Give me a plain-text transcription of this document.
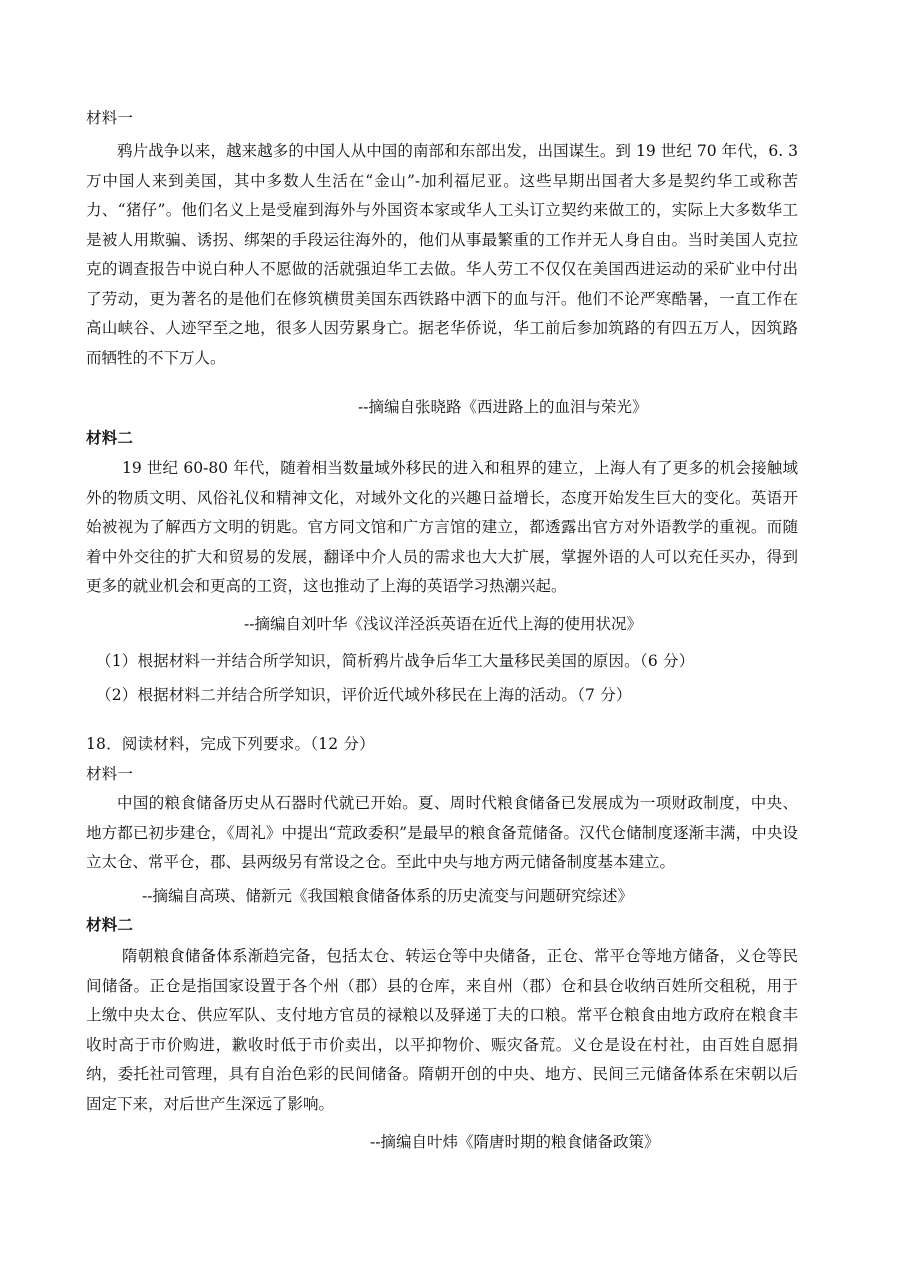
材料一

鸦片战争以来，越来越多的中国人从中国的南部和东部出发，出国谋生。到 19 世纪 70 年代，6. 3 万中国人来到美国，其中多数人生活在“金山”-加利福尼亚。这些早期出国者大多是契约华工或称苦力、“猪仔”。他们名义上是受雇到海外与外国资本家或华人工头订立契约来做工的，实际上大多数华工是被人用欺骗、诱拐、绑架的手段运往海外的，他们从事最繁重的工作并无人身自由。当时美国人克拉克的调查报告中说白种人不愿做的活就强迫华工去做。华人劳工不仅仅在美国西进运动的采矿业中付出了劳动，更为著名的是他们在修筑横贯美国东西铁路中洒下的血与汗。他们不论严寒酷暑，一直工作在高山峡谷、人迹罕至之地，很多人因劳累身亡。据老华侨说，华工前后参加筑路的有四五万人，因筑路而牺牲的不下万人。

--摘编自张晓路《西进路上的血泪与荣光》
材料二

19 世纪 60-80 年代，随着相当数量域外移民的进入和租界的建立，上海人有了更多的机会接触域外的物质文明、风俗礼仪和精神文化，对域外文化的兴趣日益增长，态度开始发生巨大的变化。英语开始被视为了解西方文明的钥匙。官方同文馆和广方言馆的建立，都透露出官方对外语教学的重视。而随着中外交往的扩大和贸易的发展，翻译中介人员的需求也大大扩展，掌握外语的人可以充任买办，得到更多的就业机会和更高的工资，这也推动了上海的英语学习热潮兴起。

--摘编自刘叶华《浅议洋泾浜英语在近代上海的使用状况》
（1）根据材料一并结合所学知识，简析鸦片战争后华工大量移民美国的原因。（6 分）
（2）根据材料二并结合所学知识，评价近代域外移民在上海的活动。（7 分）
18．阅读材料，完成下列要求。（12 分）
材料一

中国的粮食储备历史从石器时代就已开始。夏、周时代粮食储备已发展成为一项财政制度，中央、地方都已初步建仓，《周礼》中提出“荒政委积”是最早的粮食备荒储备。汉代仓储制度逐渐丰满，中央设立太仓、常平仓，郡、县两级另有常设之仓。至此中央与地方两元储备制度基本建立。

--摘编自高瑛、储新元《我国粮食储备体系的历史流变与问题研究综述》
材料二

隋朝粮食储备体系渐趋完备，包括太仓、转运仓等中央储备，正仓、常平仓等地方储备，义仓等民间储备。正仓是指国家设置于各个州（郡）县的仓库，来自州（郡）仓和县仓收纳百姓所交租税，用于上缴中央太仓、供应军队、支付地方官员的禄粮以及驿递丁夫的口粮。常平仓粮食由地方政府在粮食丰收时高于市价购进，歉收时低于市价卖出，以平抑物价、赈灾备荒。义仓是设在村社，由百姓自愿捐纳，委托社司管理，具有自治色彩的民间储备。隋朝开创的中央、地方、民间三元储备体系在宋朝以后固定下来，对后世产生深远了影响。

--摘编自叶炜《隋唐时期的粮食储备政策》
